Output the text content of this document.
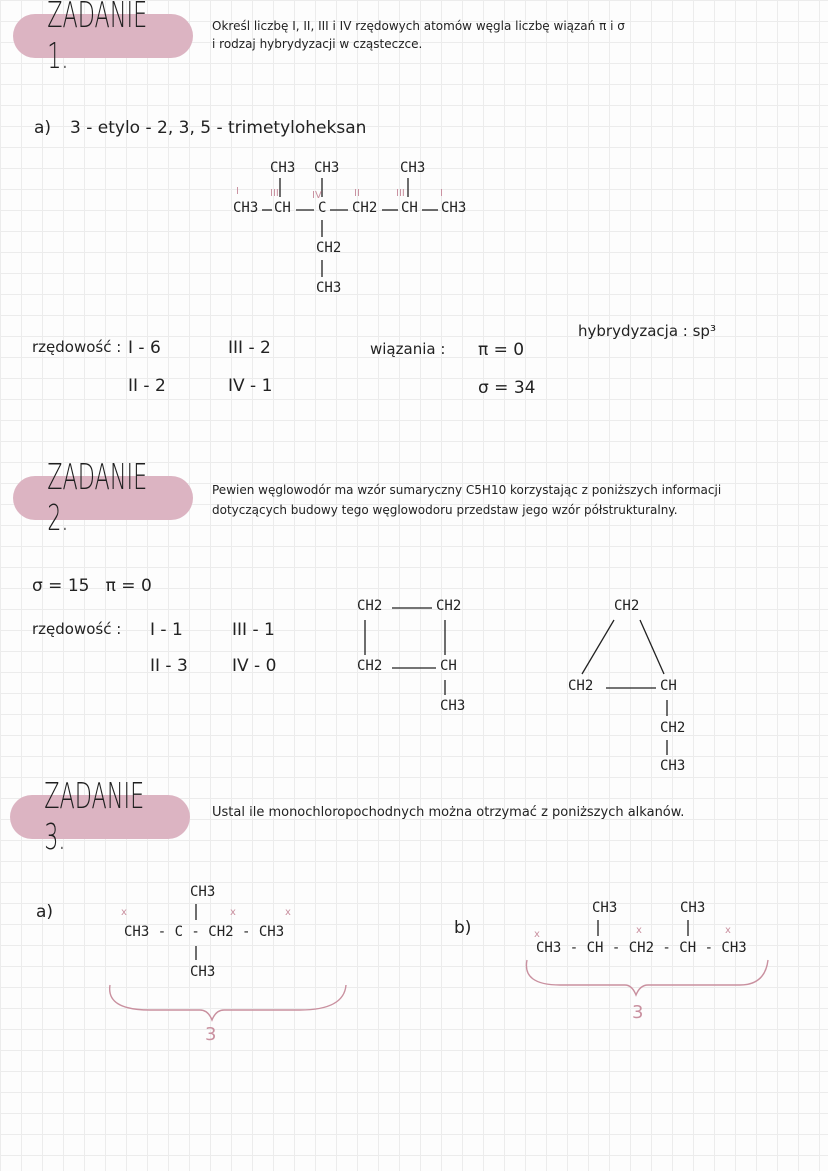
ZADANIE 1.
Określ liczbę I, II, III i IV rzędowych atomów węgla liczbę wiązań π i σ
i rodzaj hybrydyzacji w cząsteczce.
a) 3 - etylo - 2, 3, 5 - trimetyloheksan
CH3 CH3	CH3
CH3 CH C CH2 CH CH3
CH2
CH3
I	III	IV	II	III	I
rzędowość : I - 6
II - 2
III - 2
IV - 1
wiązania : π = 0
σ = 34
hybrydyzacja : sp³
ZADANIE 2.
Pewien węglowodór ma wzór sumaryczny C5H10 korzystając z poniższych informacji
dotyczących budowy tego węglowodoru przedstaw jego wzór półstrukturalny.
σ = 15   π = 0
rzędowość : I - 1
II - 3
III - 1
IV - 0
CH2	CH2
CH2	CH
CH3
CH2
CH2	CH
CH2
CH3
ZADANIE 3.
Ustal ile monochloropochodnych można otrzymać z poniższych alkanów.
a)
CH3
CH3 - C - CH2 - CH3
CH3
x	x	x
3
b)
CH3	CH3
CH3 - CH - CH2 - CH - CH3
x	x	x
3
